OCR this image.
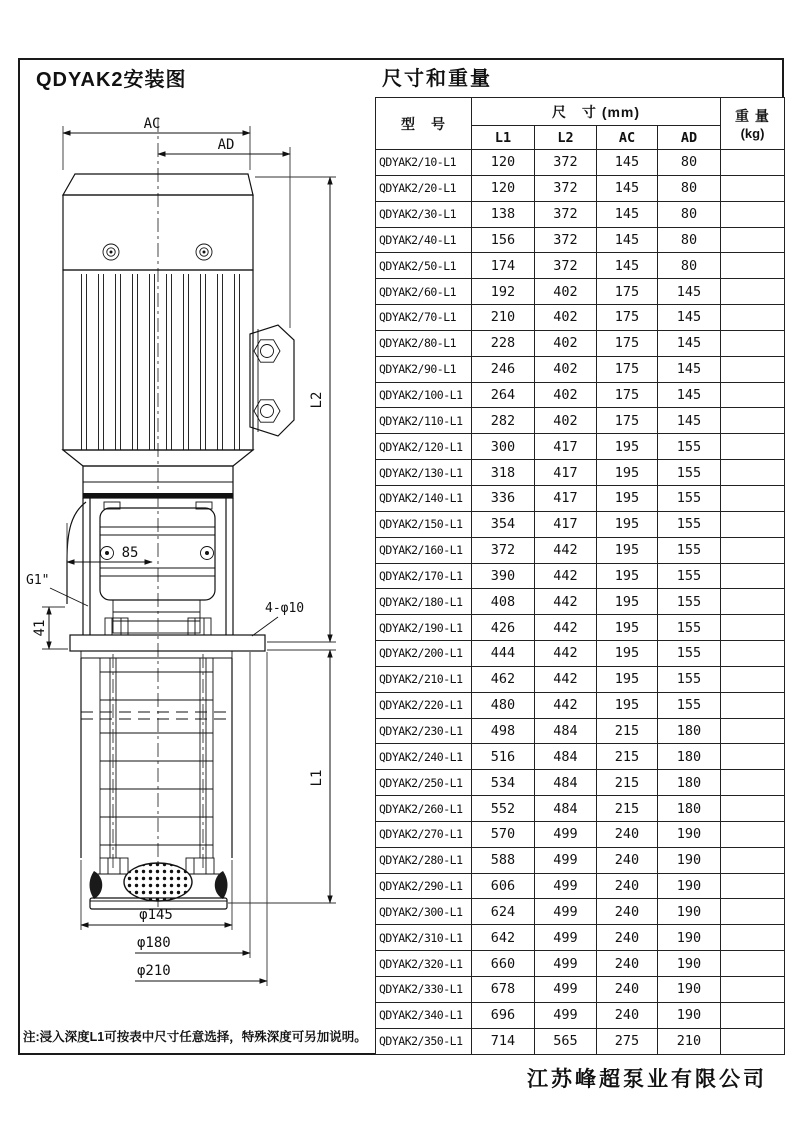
QDYAK2安装图	尺寸和重量
AC
AD
L2
L1
85
G1"
41
4-φ10
φ145
φ180
φ210
型　号	尺　寸 (mm)				重 量
(kg)

	L1	L2	AC	AD	
QDYAK2/10-L1	120	372	145	80	
QDYAK2/20-L1	120	372	145	80	
QDYAK2/30-L1	138	372	145	80	
QDYAK2/40-L1	156	372	145	80	
QDYAK2/50-L1	174	372	145	80	
QDYAK2/60-L1	192	402	175	145	
QDYAK2/70-L1	210	402	175	145	
QDYAK2/80-L1	228	402	175	145	
QDYAK2/90-L1	246	402	175	145	
QDYAK2/100-L1	264	402	175	145	
QDYAK2/110-L1	282	402	175	145	
QDYAK2/120-L1	300	417	195	155	
QDYAK2/130-L1	318	417	195	155	
QDYAK2/140-L1	336	417	195	155	
QDYAK2/150-L1	354	417	195	155	
QDYAK2/160-L1	372	442	195	155	
QDYAK2/170-L1	390	442	195	155	
QDYAK2/180-L1	408	442	195	155	
QDYAK2/190-L1	426	442	195	155	
QDYAK2/200-L1	444	442	195	155	
QDYAK2/210-L1	462	442	195	155	
QDYAK2/220-L1	480	442	195	155	
QDYAK2/230-L1	498	484	215	180	
QDYAK2/240-L1	516	484	215	180	
QDYAK2/250-L1	534	484	215	180	
QDYAK2/260-L1	552	484	215	180	
QDYAK2/270-L1	570	499	240	190	
QDYAK2/280-L1	588	499	240	190	
QDYAK2/290-L1	606	499	240	190	
QDYAK2/300-L1	624	499	240	190	
QDYAK2/310-L1	642	499	240	190	
QDYAK2/320-L1	660	499	240	190	
QDYAK2/330-L1	678	499	240	190	
QDYAK2/340-L1	696	499	240	190	
QDYAK2/350-L1	714	565	275	210	
注:浸入深度L1可按表中尺寸任意选择，特殊深度可另加说明。
江苏峰超泵业有限公司
